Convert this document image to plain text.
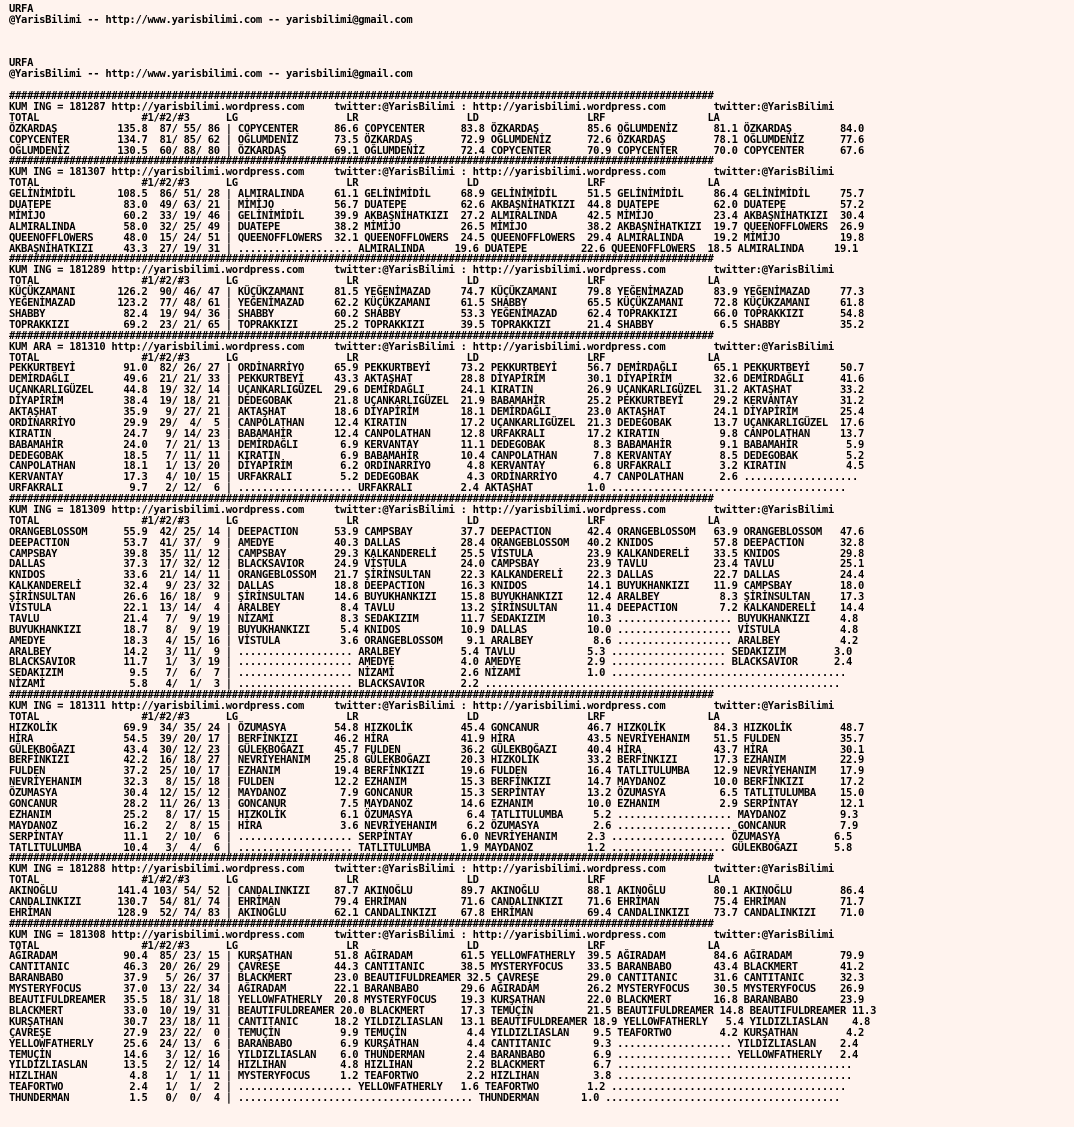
URFA
@YarisBilimi -- http://www.yarisbilimi.com -- yarisbilimi@gmail.com

URFA
@YarisBilimi -- http://www.yarisbilimi.com -- yarisbilimi@gmail.com

#####################################################################################################################
KUM ING = 181287 http://yarisbilimi.wordpress.com     twitter:@YarisBilimi : http://yarisbilimi.wordpress.com        twitter:@YarisBilimi
TOTAL                 #1/#2/#3      LG                  LR                  LD                  LRF                 LA
ÖZKARDAŞ          135.8  87/ 55/ 86 | COPYCENTER      86.6 COPYCENTER      83.8 ÖZKARDAŞ        85.6 OĞLUMDENİZ      81.1 ÖZKARDAŞ        84.0
COPYCENTER        134.7  81/ 85/ 62 | OĞLUMDENİZ      73.5 ÖZKARDAŞ        72.9 OĞLUMDENİZ      72.6 ÖZKARDAŞ        78.1 OĞLUMDENİZ      77.6
OĞLUMDENİZ        130.5  60/ 88/ 80 | ÖZKARDAŞ        69.1 OĞLUMDENİZ      72.4 COPYCENTER      70.9 COPYCENTER      70.0 COPYCENTER      67.6
#####################################################################################################################
KUM ING = 181307 http://yarisbilimi.wordpress.com     twitter:@YarisBilimi : http://yarisbilimi.wordpress.com        twitter:@YarisBilimi
TOTAL                 #1/#2/#3      LG                  LR                  LD                  LRF                 LA
GELİNİMİDİL       108.5  86/ 51/ 28 | ALMIRALINDA     61.1 GELİNİMİDİL     68.9 GELİNİMİDİL     51.5 GELİNİMİDİL     86.4 GELİNİMİDİL     75.7
DUATEPE            83.0  49/ 63/ 21 | MİMİJO          56.7 DUATEPE         62.6 AKBAŞNİHATKIZI  44.8 DUATEPE         62.0 DUATEPE         57.2
MİMİJO             60.2  33/ 19/ 46 | GELİNİMİDİL     39.9 AKBAŞNİHATKIZI  27.2 ALMIRALINDA     42.5 MİMİJO          23.4 AKBAŞNİHATKIZI  30.4
ALMIRALINDA        58.0  32/ 25/ 49 | DUATEPE         38.2 MİMİJO          26.5 MİMİJO          38.2 AKBAŞNİHATKIZI  19.7 QUEENOFFLOWERS  26.9
QUEENOFFLOWERS     48.0  15/ 24/ 51 | QUEENOFFLOWERS  32.1 QUEENOFFLOWERS  24.5 QUEENOFFLOWERS  29.4 ALMIRALINDA     19.2 MİMİJO          19.8
AKBAŞNİHATKIZI     43.3  27/ 19/ 31 | ................... ALMIRALINDA     19.6 DUATEPE         22.6 QUEENOFFLOWERS  18.5 ALMIRALINDA     19.1
#####################################################################################################################
KUM ING = 181289 http://yarisbilimi.wordpress.com     twitter:@YarisBilimi : http://yarisbilimi.wordpress.com        twitter:@YarisBilimi
TOTAL                 #1/#2/#3      LG                  LR                  LD                  LRF                 LA
KÜÇÜKZAMANI       126.2  90/ 46/ 47 | KÜÇÜKZAMANI     81.5 YEĞENİMAZAD     74.7 KÜÇÜKZAMANI     79.8 YEĞENİMAZAD     83.9 YEĞENİMAZAD     77.3
YEĞENİMAZAD       123.2  77/ 48/ 61 | YEĞENİMAZAD     62.2 KÜÇÜKZAMANI     61.5 SHABBY          65.5 KÜÇÜKZAMANI     72.8 KÜÇÜKZAMANI     61.8
SHABBY             82.4  19/ 94/ 36 | SHABBY          60.2 SHABBY          53.3 YEĞENİMAZAD     62.4 TOPRAKKIZI      66.0 TOPRAKKIZI      54.8
TOPRAKKIZI         69.2  23/ 21/ 65 | TOPRAKKIZI      25.2 TOPRAKKIZI      39.5 TOPRAKKIZI      21.4 SHABBY           6.5 SHABBY          35.2
#####################################################################################################################
KUM ARA = 181310 http://yarisbilimi.wordpress.com     twitter:@YarisBilimi : http://yarisbilimi.wordpress.com        twitter:@YarisBilimi
TOTAL                 #1/#2/#3      LG                  LR                  LD                  LRF                 LA
PEKKURTBEYİ        91.0  82/ 26/ 27 | ORDİNARRİYO     65.9 PEKKURTBEYİ     73.2 PEKKURTBEYİ     56.7 DEMİRDAĞLI      65.1 PEKKURTBEYİ     50.7
DEMİRDAĞLI         49.6  21/ 21/ 33 | PEKKURTBEYİ     43.3 AKTAŞHAT        28.8 DİYAPİRİM       30.1 DİYAPİRİM       32.6 DEMİRDAĞLI      41.6
UÇANKARLIGÜZEL     44.8  19/ 32/ 14 | UÇANKARLIGÜZEL  29.6 DEMİRDAĞLI      24.1 KIRATIN         26.9 UÇANKARLIGÜZEL  31.2 AKTAŞHAT        33.2
DİYAPİRİM          38.4  19/ 18/ 21 | DEDEGOBAK       21.8 UÇANKARLIGÜZEL  21.9 BABAMAHİR       25.2 PEKKURTBEYİ     29.2 KERVANTAY       31.2
AKTAŞHAT           35.9   9/ 27/ 21 | AKTAŞHAT        18.6 DİYAPİRİM       18.1 DEMİRDAĞLI      23.0 AKTAŞHAT        24.1 DİYAPİRİM       25.4
ORDİNARRİYO        29.9  29/  4/  5 | CANPOLATHAN     12.4 KIRATIN         17.2 UÇANKARLIGÜZEL  21.3 DEDEGOBAK       13.7 UÇANKARLIGÜZEL  17.6
KIRATIN            24.7   9/ 14/ 23 | BABAMAHİR       12.4 CANPOLATHAN     12.8 URFAKRALI       17.2 KIRATIN          9.8 CANPOLATHAN     13.7
BABAMAHİR          24.0   7/ 21/ 13 | DEMİRDAĞLI       6.9 KERVANTAY       11.1 DEDEGOBAK        8.3 BABAMAHİR        9.1 BABAMAHİR        5.9
DEDEGOBAK          18.5   7/ 11/ 11 | KIRATIN          6.9 BABAMAHİR       10.4 CANPOLATHAN      7.8 KERVANTAY        8.5 DEDEGOBAK        5.2
CANPOLATHAN        18.1   1/ 13/ 20 | DİYAPİRİM        6.2 ORDİNARRİYO      4.8 KERVANTAY        6.8 URFAKRALI        3.2 KIRATIN          4.5
KERVANTAY          17.3   4/ 10/ 15 | URFAKRALI        5.2 DEDEGOBAK        4.3 ORDİNARRİYO      4.7 CANPOLATHAN      2.6 ...................
URFAKRALI           9.7   2/ 12/  6 | ................... URFAKRALI        2.4 AKTAŞHAT         1.0 .......................................
#####################################################################################################################
KUM ING = 181309 http://yarisbilimi.wordpress.com     twitter:@YarisBilimi : http://yarisbilimi.wordpress.com        twitter:@YarisBilimi
TOTAL                 #1/#2/#3      LG                  LR                  LD                  LRF                 LA
ORANGEBLOSSOM      55.9  42/ 25/ 14 | DEEPACTION      53.9 CAMPSBAY        37.7 DEEPACTION      42.4 ORANGEBLOSSOM   63.9 ORANGEBLOSSOM   47.6
DEEPACTION         53.7  41/ 37/  9 | AMEDYE          40.3 DALLAS          28.4 ORANGEBLOSSOM   40.2 KNIDOS          57.8 DEEPACTION      32.8
CAMPSBAY           39.8  35/ 11/ 12 | CAMPSBAY        29.3 KALKANDERELİ    25.5 VİSTULA         23.9 KALKANDERELİ    33.5 KNIDOS          29.8
DALLAS             37.3  17/ 32/ 12 | BLACKSAVIOR     24.9 VİSTULA         24.0 CAMPSBAY        23.9 TAVLU           23.4 TAVLU           25.1
KNIDOS             33.6  21/ 14/ 11 | ORANGEBLOSSOM   21.7 ŞİRİNSULTAN     22.3 KALKANDERELİ    22.3 DALLAS          22.7 DALLAS          24.4
KALKANDERELİ       32.4   9/ 23/ 32 | DALLAS          18.8 DEEPACTION      16.3 KNIDOS          14.1 BUYUKHANKIZI    11.9 CAMPSBAY        18.0
ŞİRİNSULTAN        26.6  16/ 18/  9 | ŞİRİNSULTAN     14.6 BUYUKHANKIZI    15.8 BUYUKHANKIZI    12.4 ARALBEY          8.3 ŞİRİNSULTAN     17.3
VİSTULA            22.1  13/ 14/  4 | ARALBEY          8.4 TAVLU           13.2 ŞİRİNSULTAN     11.4 DEEPACTION       7.2 KALKANDERELİ    14.4
TAVLU              21.4   7/  9/ 19 | NİZAMİ           8.3 SEDAKIZIM       11.7 SEDAKIZIM       10.3 ................... BUYUKHANKIZI     4.8
BUYUKHANKIZI       18.7   8/  9/ 19 | BUYUKHANKIZI     5.4 KNIDOS          10.9 DALLAS          10.0 ................... VİSTULA          4.8
AMEDYE             18.3   4/ 15/ 16 | VİSTULA          3.6 ORANGEBLOSSOM    9.1 ARALBEY          8.6 ................... ARALBEY          4.2
ARALBEY            14.2   3/ 11/  9 | ................... ARALBEY          5.4 TAVLU            5.3 ................... SEDAKIZIM        3.0
BLACKSAVIOR        11.7   1/  3/ 19 | ................... AMEDYE           4.0 AMEDYE           2.9 ................... BLACKSAVIOR      2.4
SEDAKIZIM           9.5   7/  6/  7 | ................... NİZAMİ           2.6 NİZAMİ           1.0 .......................................
NİZAMİ              5.8   4/  1/  3 | ................... BLACKSAVIOR      2.2 ...........................................................
#####################################################################################################################
KUM ING = 181311 http://yarisbilimi.wordpress.com     twitter:@YarisBilimi : http://yarisbilimi.wordpress.com        twitter:@YarisBilimi
TOTAL                 #1/#2/#3      LG                  LR                  LD                  LRF                 LA
HIZKOLİK           69.9  34/ 35/ 24 | ÖZUMASYA        54.8 HIZKOLİK        45.4 GONCANUR        46.7 HIZKOLİK        84.3 HIZKOLİK        48.7
HİRA               54.5  39/ 20/ 17 | BERFİNKIZI      46.2 HİRA            41.9 HİRA            43.5 NEVRİYEHANIM    51.5 FULDEN          35.7
GÜLEKBOĞAZI        43.4  30/ 12/ 23 | GÜLEKBOĞAZI     45.7 FULDEN          36.2 GÜLEKBOĞAZI     40.4 HİRA            43.7 HİRA            30.1
BERFİNKIZI         42.2  16/ 18/ 27 | NEVRİYEHANIM    25.8 GÜLEKBOĞAZI     20.3 HIZKOLİK        33.2 BERFİNKIZI      17.3 EZHANIM         22.9
FULDEN             37.2  25/ 10/ 17 | EZHANIM         19.4 BERFİNKIZI      19.6 FULDEN          16.4 TATLITULUMBA    12.9 NEVRİYEHANIM    17.9
NEVRİYEHANIM       32.3   8/ 15/ 18 | FULDEN          12.2 EZHANIM         15.3 BERFİNKIZI      14.7 MAYDANOZ        10.0 BERFİNKIZI      17.2
ÖZUMASYA           30.4  12/ 15/ 12 | MAYDANOZ         7.9 GONCANUR        15.3 SERPİNTAY       13.2 ÖZUMASYA         6.5 TATLITULUMBA    15.0
GONCANUR           28.2  11/ 26/ 13 | GONCANUR         7.5 MAYDANOZ        14.6 EZHANIM         10.0 EZHANIM          2.9 SERPİNTAY       12.1
EZHANIM            25.2   8/ 17/ 15 | HIZKOLİK         6.1 ÖZUMASYA         6.4 TATLITULUMBA     5.2 ................... MAYDANOZ         9.3
MAYDANOZ           16.2   2/  8/ 15 | HİRA             3.6 NEVRİYEHANIM     6.2 ÖZUMASYA         2.6 ................... GONCANUR         7.9
SERPİNTAY          11.1   2/ 10/  6 | ................... SERPİNTAY        6.0 NEVRİYEHANIM     2.3 ................... ÖZUMASYA         6.5
TATLITULUMBA       10.4   3/  4/  6 | ................... TATLITULUMBA     1.9 MAYDANOZ         1.2 ................... GÜLEKBOĞAZI      5.8
#####################################################################################################################
KUM ING = 181288 http://yarisbilimi.wordpress.com     twitter:@YarisBilimi : http://yarisbilimi.wordpress.com        twitter:@YarisBilimi
TOTAL                 #1/#2/#3      LG                  LR                  LD                  LRF                 LA
AKINOĞLU          141.4 103/ 54/ 52 | CANDALINKIZI    87.7 AKINOĞLU        89.7 AKINOĞLU        88.1 AKINOĞLU        80.1 AKINOĞLU        86.4
CANDALINKIZI      130.7  54/ 81/ 74 | EHRİMAN         79.4 EHRİMAN         71.6 CANDALINKIZI    71.6 EHRİMAN         75.4 EHRİMAN         71.7
EHRİMAN           128.9  52/ 74/ 83 | AKINOĞLU        62.1 CANDALINKIZI    67.8 EHRİMAN         69.4 CANDALINKIZI    73.7 CANDALINKIZI    71.0
#####################################################################################################################
KUM ING = 181308 http://yarisbilimi.wordpress.com     twitter:@YarisBilimi : http://yarisbilimi.wordpress.com        twitter:@YarisBilimi
TOTAL                 #1/#2/#3      LG                  LR                  LD                  LRF                 LA
AĞIRADAM           90.4  85/ 23/ 15 | KURŞATHAN       51.8 AĞIRADAM        61.5 YELLOWFATHERLY  39.5 AĞIRADAM        84.6 AĞIRADAM        79.9
CANTITANIC         46.3  20/ 26/ 29 | ÇAVREŞE         44.3 CANTITANIC      38.5 MYSTERYFOCUS    33.5 BARANBABO       43.4 BLACKMERT       41.2
BARANBABO          37.9   5/ 26/ 37 | BLACKMERT       23.0 BEAUTIFULDREAMER 32.5 ÇAVREŞE        29.0 CANTITANIC      31.6 CANTITANIC      32.3
MYSTERYFOCUS       37.0  13/ 22/ 34 | AĞIRADAM        22.1 BARANBABO       29.6 AĞIRADAM        26.2 MYSTERYFOCUS    30.5 MYSTERYFOCUS    26.9
BEAUTIFULDREAMER   35.5  18/ 31/ 18 | YELLOWFATHERLY  20.8 MYSTERYFOCUS    19.3 KURŞATHAN       22.0 BLACKMERT       16.8 BARANBABO       23.9
BLACKMERT          33.0  10/ 19/ 31 | BEAUTIFULDREAMER 20.0 BLACKMERT      17.3 TEMUÇİN         21.5 BEAUTIFULDREAMER 14.8 BEAUTIFULDREAMER 11.3
KURŞATHAN          30.7  23/ 18/ 11 | CANTITANIC      18.2 YILDIZLIASLAN   13.1 BEAUTIFULDREAMER 18.9 YELLOWFATHERLY   5.4 YILDIZLIASLAN    4.8
ÇAVREŞE            27.9  23/ 22/  0 | TEMUÇİN          9.9 TEMUÇİN          4.4 YILDIZLIASLAN    9.5 TEAFORTWO        4.2 KURŞATHAN        4.2
YELLOWFATHERLY     25.6  24/ 13/  6 | BARANBABO        6.9 KURŞATHAN        4.4 CANTITANIC       9.3 ................... YILDIZLIASLAN    2.4
TEMUÇİN            14.6   3/ 12/ 16 | YILDIZLIASLAN    6.0 THUNDERMAN       2.4 BARANBABO        6.9 ................... YELLOWFATHERLY   2.4
YILDIZLIASLAN      13.5   2/ 12/ 14 | HIZLIHAN         4.8 HIZLIHAN         2.2 BLACKMERT        6.7 .......................................
HIZLIHAN            4.8   1/  1/ 11 | MYSTERYFOCUS     1.2 TEAFORTWO        2.2 HIZLIHAN         3.8 .......................................
TEAFORTWO           2.4   1/  1/  2 | ................... YELLOWFATHERLY   1.6 TEAFORTWO        1.2 .......................................
THUNDERMAN          1.5   0/  0/  4 | ....................................... THUNDERMAN       1.0 .......................................
